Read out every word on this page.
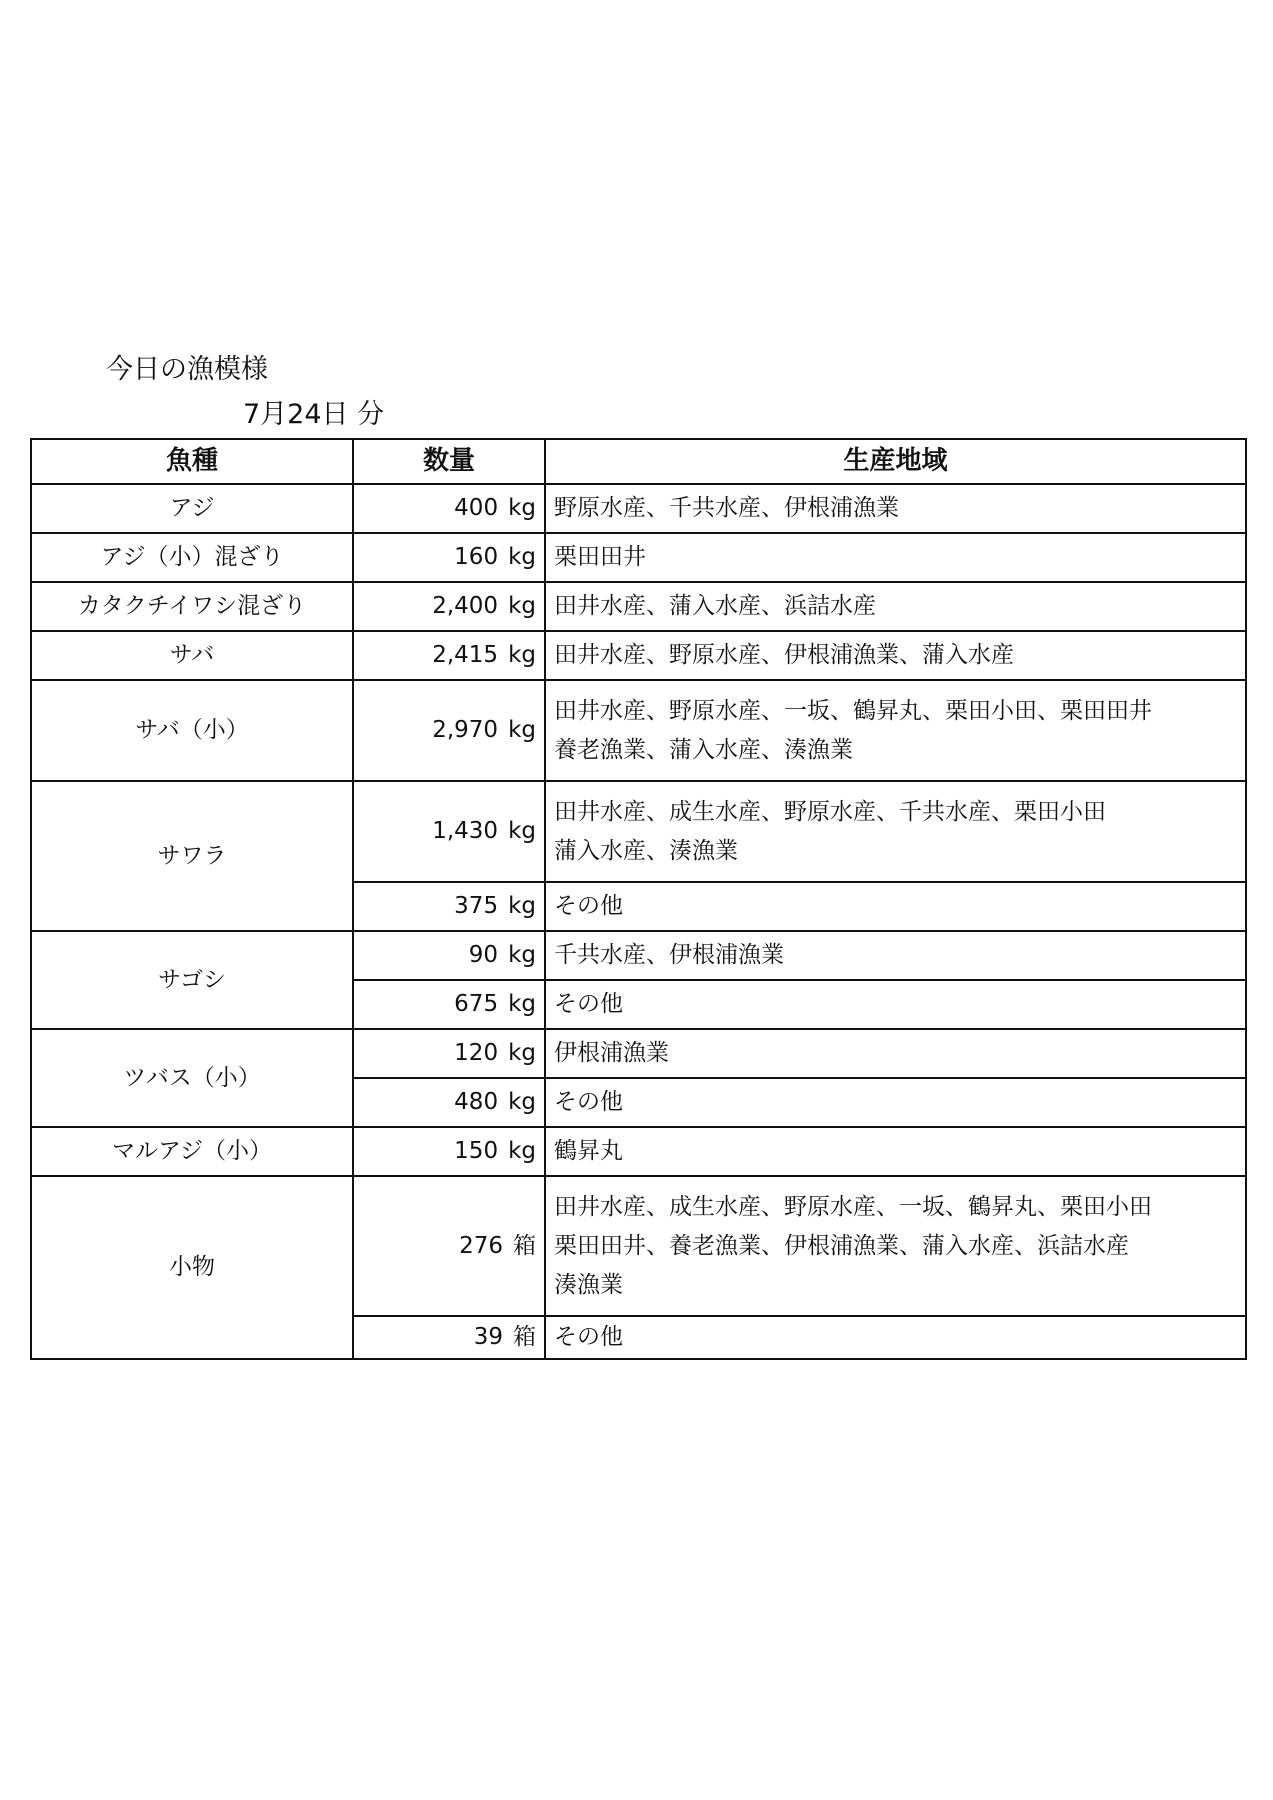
今日の漁模様
7月24日 分
魚種	数量	生産地域
アジ	400 kg	野原水産、千共水産、伊根浦漁業
アジ（小）混ざり	160 kg	栗田田井
カタクチイワシ混ざり	2,400 kg	田井水産、蒲入水産、浜詰水産
サバ	2,415 kg	田井水産、野原水産、伊根浦漁業、蒲入水産
サバ（小）	2,970 kg	田井水産、野原水産、一坂、鶴昇丸、栗田小田、栗田田井
養老漁業、蒲入水産、湊漁業
サワラ	1,430 kg	田井水産、成生水産、野原水産、千共水産、栗田小田
蒲入水産、湊漁業
	375 kg	その他
サゴシ	90 kg	千共水産、伊根浦漁業
	675 kg	その他
ツバス（小）	120 kg	伊根浦漁業
	480 kg	その他
マルアジ（小）	150 kg	鶴昇丸
小物	276 箱	田井水産、成生水産、野原水産、一坂、鶴昇丸、栗田小田
栗田田井、養老漁業、伊根浦漁業、蒲入水産、浜詰水産
湊漁業
	39 箱	その他
